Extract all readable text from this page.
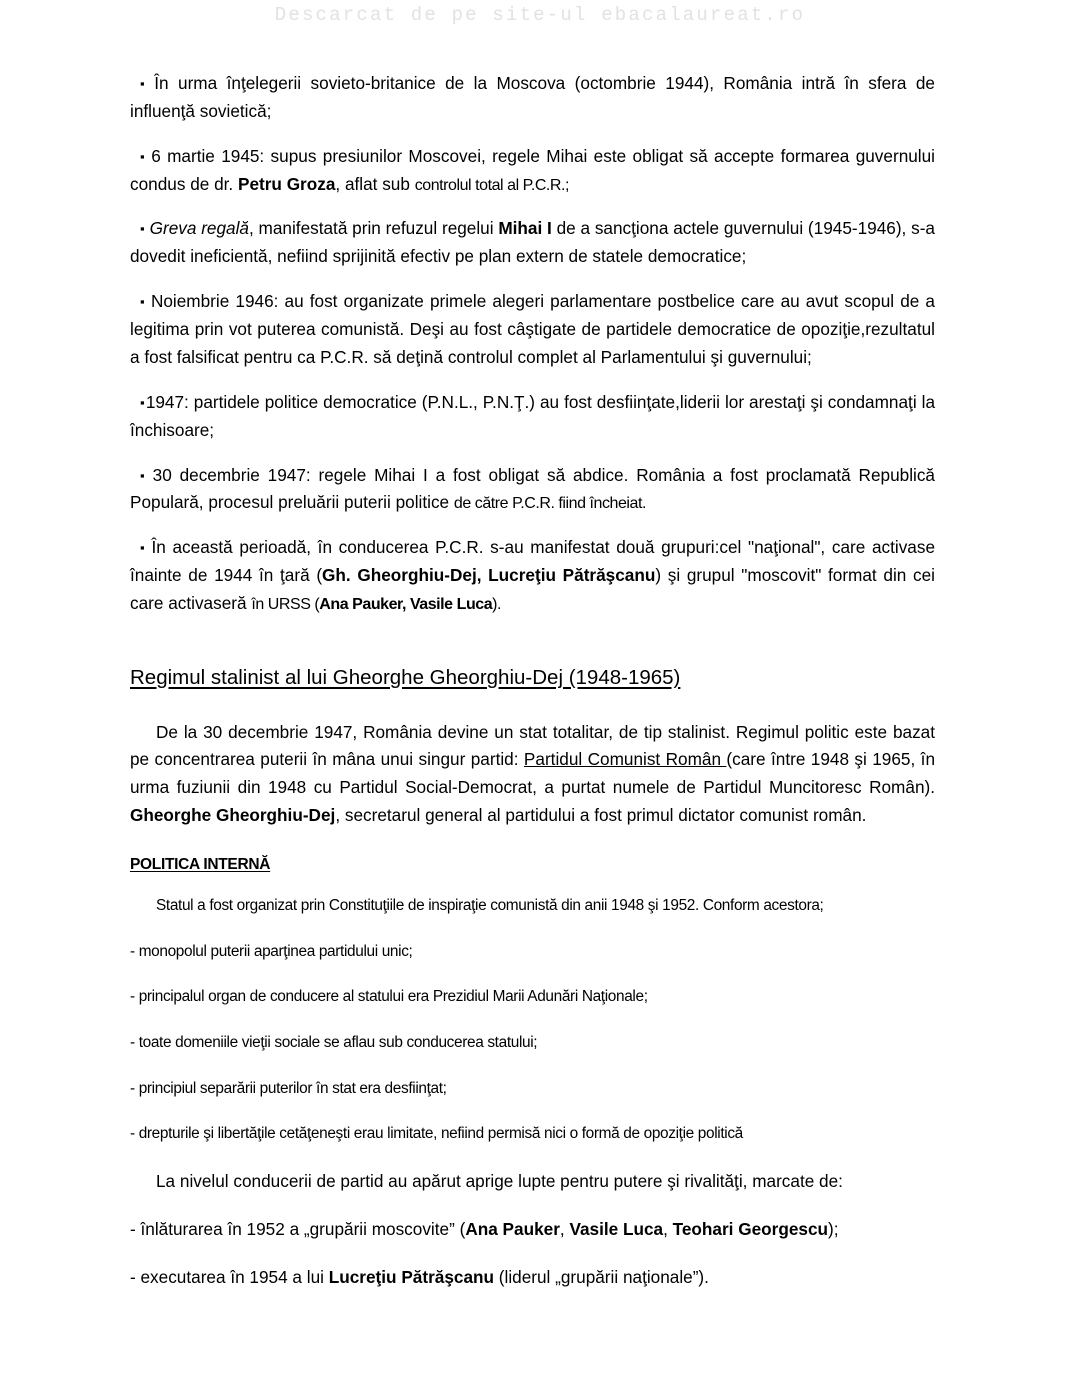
Descarcat de pe site-ul ebacalaureat.ro

▪ În urma înţelegerii sovieto-britanice de la Moscova (octombrie 1944), România intră în sfera de influenţă sovietică;

▪ 6 martie 1945: supus presiunilor Moscovei, regele Mihai este obligat să accepte formarea guvernului condus de dr. Petru Groza, aflat sub controlul total al P.C.R.;

▪ Greva regală, manifestată prin refuzul regelui Mihai I de a sancţiona actele guvernului (1945-1946), s-a dovedit ineficientă, nefiind sprijinită efectiv pe plan extern de statele democratice;

▪ Noiembrie 1946: au fost organizate primele alegeri parlamentare postbelice care au avut scopul de a legitima prin vot puterea comunistă. Deşi au fost câştigate de partidele democratice de opoziţie,rezultatul a fost falsificat pentru ca P.C.R. să deţină controlul complet al Parlamentului şi guvernului;

▪1947: partidele politice democratice (P.N.L., P.N.Ţ.) au fost desfiinţate,liderii lor arestaţi şi condamnaţi la închisoare;

▪ 30 decembrie 1947: regele Mihai I a fost obligat să abdice. România a fost proclamată Republică Populară, procesul preluării puterii politice de către P.C.R. fiind încheiat.

▪ În această perioadă, în conducerea P.C.R. s-au manifestat două grupuri:cel "naţional", care activase înainte de 1944 în ţară (Gh. Gheorghiu-Dej, Lucreţiu Pătrăşcanu) şi grupul "moscovit" format din cei care activaseră în URSS (Ana Pauker, Vasile Luca).

Regimul stalinist al lui Gheorghe Gheorghiu-Dej (1948-1965)

De la 30 decembrie 1947, România devine un stat totalitar, de tip stalinist. Regimul politic este bazat pe concentrarea puterii în mâna unui singur partid: Partidul Comunist Român (care între 1948 şi 1965, în urma fuziunii din 1948 cu Partidul Social-Democrat, a purtat numele de Partidul Muncitoresc Român). Gheorghe Gheorghiu-Dej, secretarul general al partidului a fost primul dictator comunist român.

POLITICA INTERNĂ

Statul a fost organizat prin Constituţiile de inspiraţie comunistă din anii 1948 şi 1952. Conform acestora;

- monopolul puterii aparţinea partidului unic;

- principalul organ de conducere al statului era Prezidiul Marii Adunări Naţionale;

- toate domeniile vieţii sociale se aflau sub conducerea statului;

- principiul separării puterilor în stat era desfiinţat;

- drepturile şi libertăţile cetăţeneşti erau limitate, nefiind permisă nici o formă de opoziţie politică

La nivelul conducerii de partid au apărut aprige lupte pentru putere şi rivalităţi, marcate de:

- înlăturarea în 1952 a „grupării moscovite” (Ana Pauker, Vasile Luca, Teohari Georgescu);

- executarea în 1954 a lui Lucreţiu Pătrăşcanu (liderul „grupării naţionale”).
